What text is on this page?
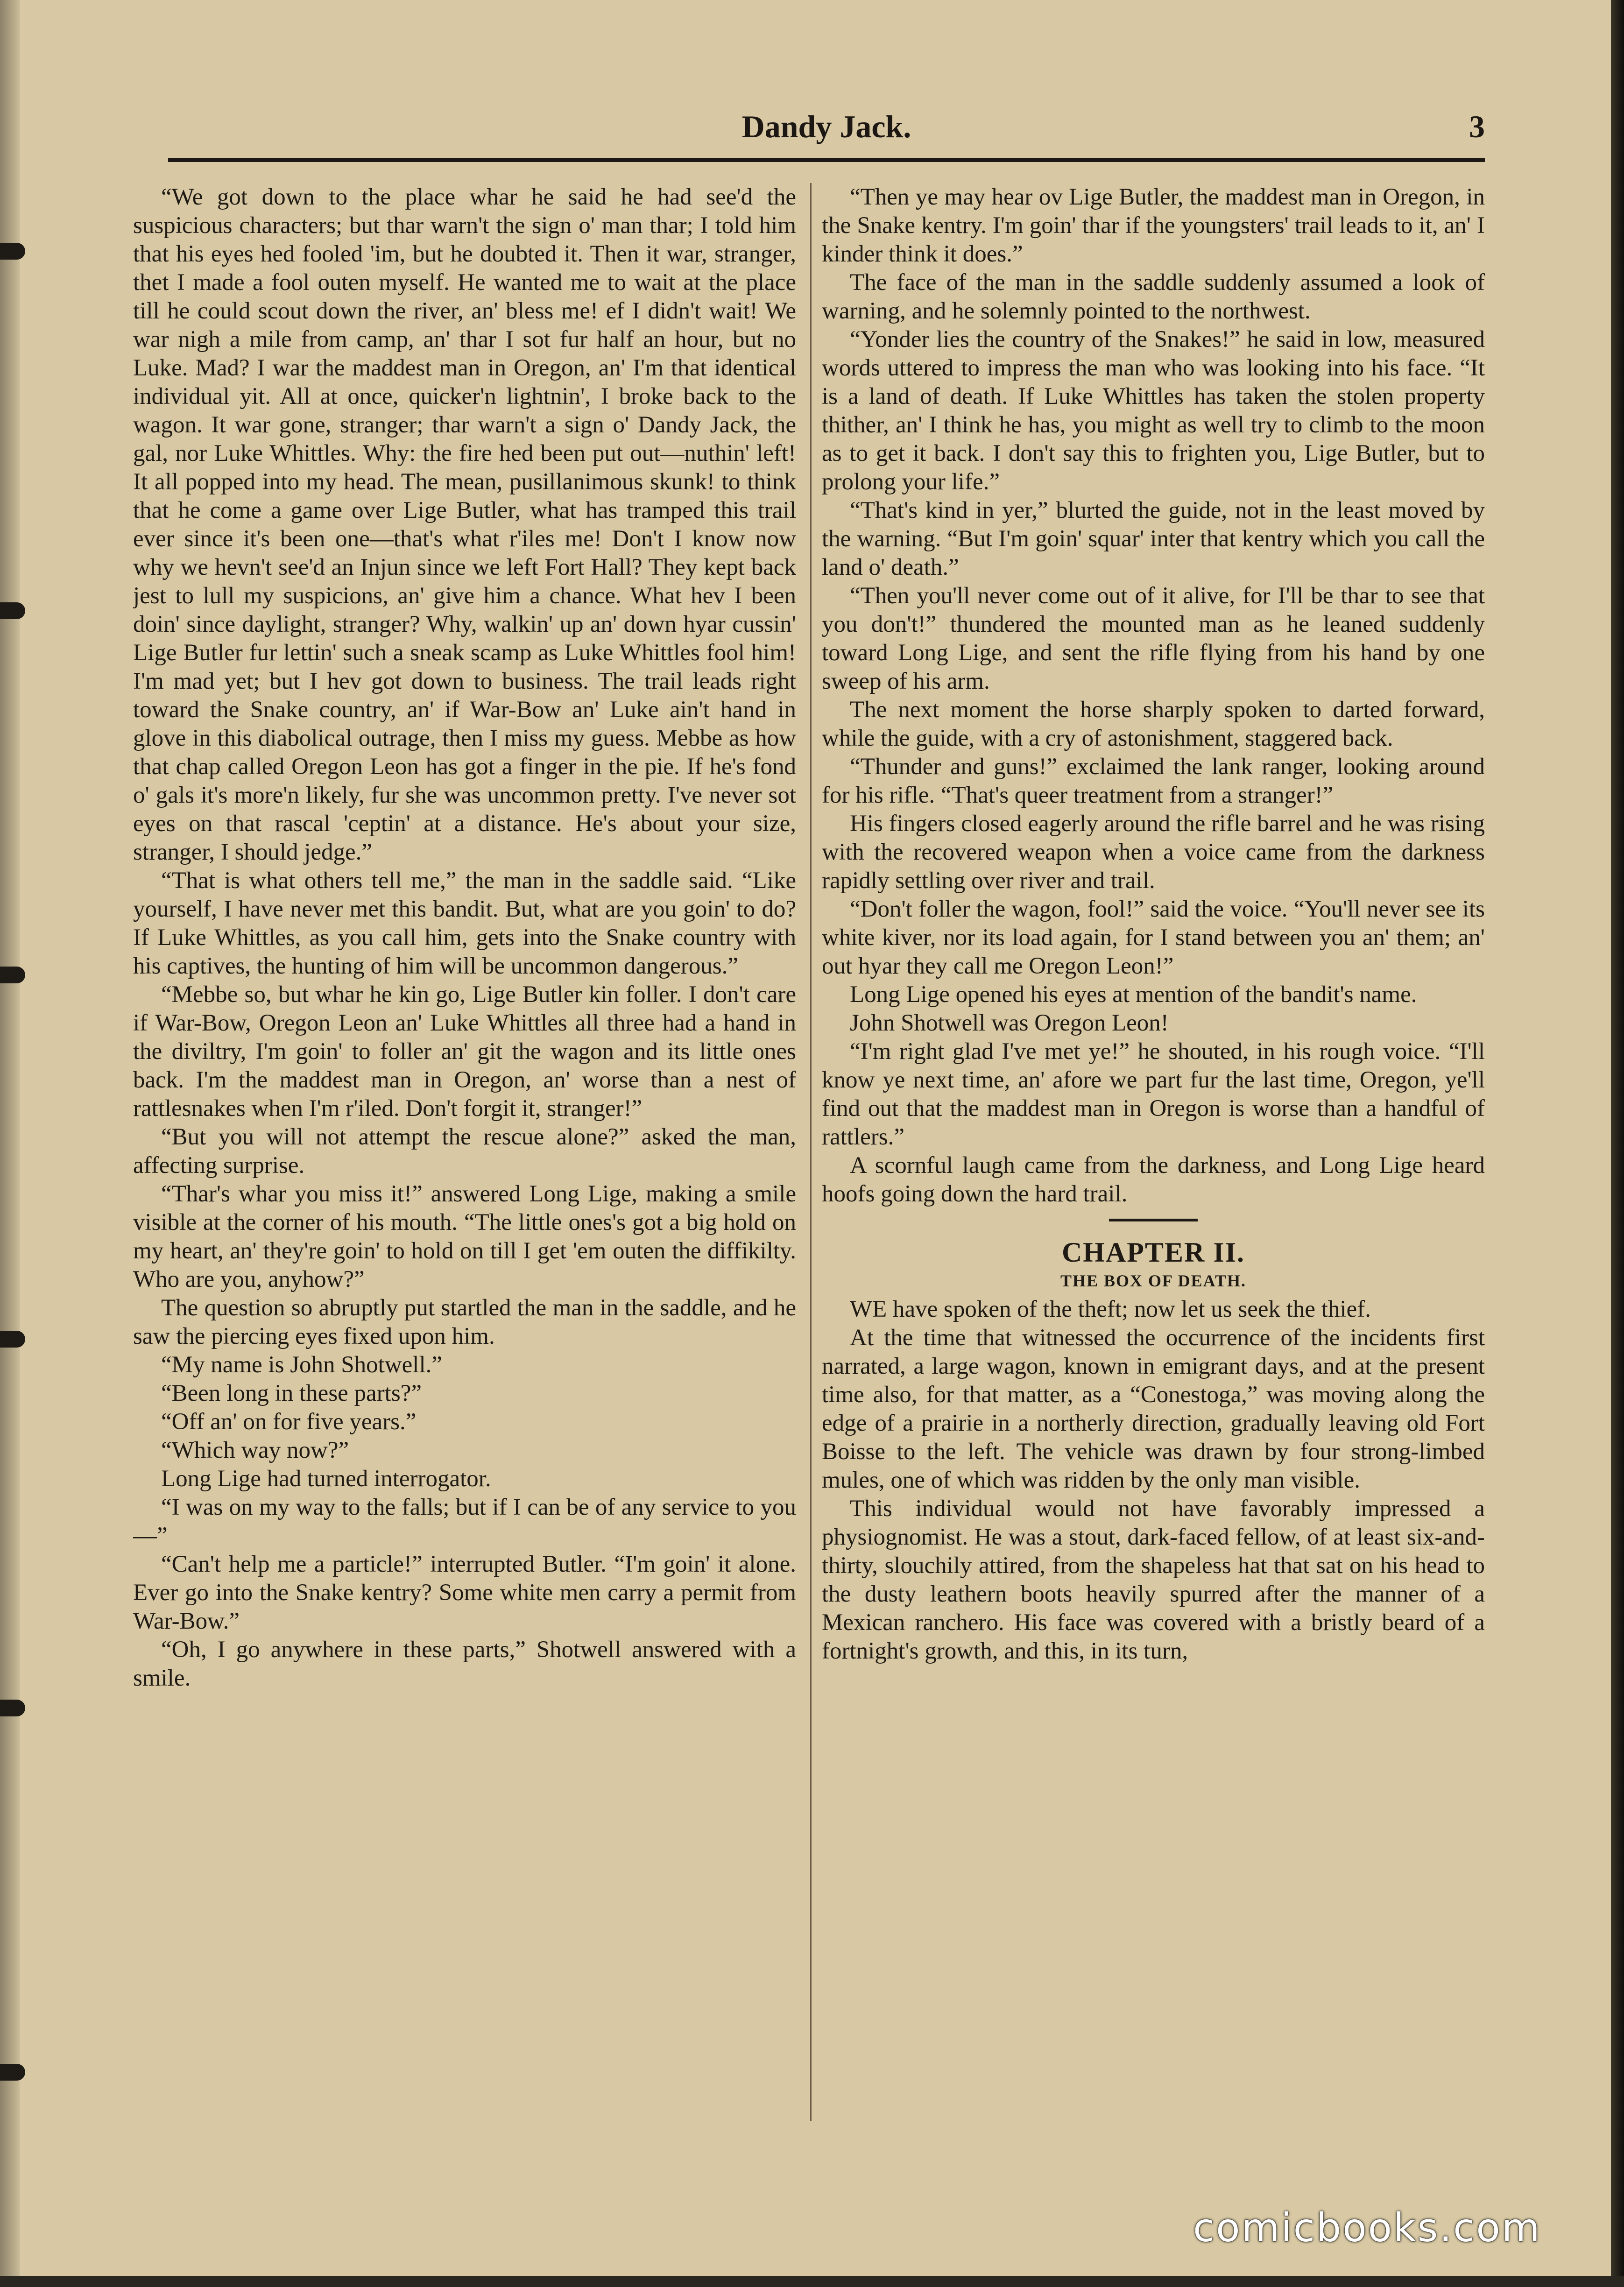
Dandy Jack.	3

“We got down to the place whar he said he had see'd the suspicious characters; but thar warn't the sign o' man thar; I told him that his eyes hed fooled 'im, but he doubted it. Then it war, stranger, thet I made a fool outen myself. He wanted me to wait at the place till he could scout down the river, an' bless me! ef I didn't wait! We war nigh a mile from camp, an' thar I sot fur half an hour, but no Luke. Mad? I war the maddest man in Oregon, an' I'm that identical individual yit. All at once, quicker'n lightnin', I broke back to the wagon. It war gone, stranger; thar warn't a sign o' Dandy Jack, the gal, nor Luke Whittles. Why: the fire hed been put out—nuthin' left! It all popped into my head. The mean, pusillanimous skunk! to think that he come a game over Lige Butler, what has tramped this trail ever since it's been one—that's what r'iles me! Don't I know now why we hevn't see'd an Injun since we left Fort Hall? They kept back jest to lull my suspicions, an' give him a chance. What hev I been doin' since daylight, stranger? Why, walkin' up an' down hyar cussin' Lige Butler fur lettin' such a sneak scamp as Luke Whittles fool him! I'm mad yet; but I hev got down to business. The trail leads right toward the Snake country, an' if War-Bow an' Luke ain't hand in glove in this diabolical outrage, then I miss my guess. Mebbe as how that chap called Oregon Leon has got a finger in the pie. If he's fond o' gals it's more'n likely, fur she was uncommon pretty. I've never sot eyes on that rascal 'ceptin' at a distance. He's about your size, stranger, I should jedge.”

“That is what others tell me,” the man in the saddle said. “Like yourself, I have never met this bandit. But, what are you goin' to do? If Luke Whittles, as you call him, gets into the Snake country with his captives, the hunting of him will be uncommon dangerous.”

“Mebbe so, but whar he kin go, Lige Butler kin foller. I don't care if War-Bow, Oregon Leon an' Luke Whittles all three had a hand in the diviltry, I'm goin' to foller an' git the wagon and its little ones back. I'm the maddest man in Oregon, an' worse than a nest of rattlesnakes when I'm r'iled. Don't forgit it, stranger!”

“But you will not attempt the rescue alone?” asked the man, affecting surprise.

“Thar's whar you miss it!” answered Long Lige, making a smile visible at the corner of his mouth. “The little ones's got a big hold on my heart, an' they're goin' to hold on till I get 'em outen the diffikilty. Who are you, anyhow?”

The question so abruptly put startled the man in the saddle, and he saw the piercing eyes fixed upon him.

“My name is John Shotwell.”

“Been long in these parts?”

“Off an' on for five years.”

“Which way now?”

Long Lige had turned interrogator.

“I was on my way to the falls; but if I can be of any service to you—”

“Can't help me a particle!” interrupted Butler. “I'm goin' it alone. Ever go into the Snake kentry? Some white men carry a permit from War-Bow.”

“Oh, I go anywhere in these parts,” Shotwell answered with a smile.

“Then ye may hear ov Lige Butler, the maddest man in Oregon, in the Snake kentry. I'm goin' thar if the youngsters' trail leads to it, an' I kinder think it does.”

The face of the man in the saddle suddenly assumed a look of warning, and he solemnly pointed to the northwest.

“Yonder lies the country of the Snakes!” he said in low, measured words uttered to impress the man who was looking into his face. “It is a land of death. If Luke Whittles has taken the stolen property thither, an' I think he has, you might as well try to climb to the moon as to get it back. I don't say this to frighten you, Lige Butler, but to prolong your life.”

“That's kind in yer,” blurted the guide, not in the least moved by the warning. “But I'm goin' squar' inter that kentry which you call the land o' death.”

“Then you'll never come out of it alive, for I'll be thar to see that you don't!” thundered the mounted man as he leaned suddenly toward Long Lige, and sent the rifle flying from his hand by one sweep of his arm.

The next moment the horse sharply spoken to darted forward, while the guide, with a cry of astonishment, staggered back.

“Thunder and guns!” exclaimed the lank ranger, looking around for his rifle. “That's queer treatment from a stranger!”

His fingers closed eagerly around the rifle barrel and he was rising with the recovered weapon when a voice came from the darkness rapidly settling over river and trail.

“Don't foller the wagon, fool!” said the voice. “You'll never see its white kiver, nor its load again, for I stand between you an' them; an' out hyar they call me Oregon Leon!”

Long Lige opened his eyes at mention of the bandit's name.

John Shotwell was Oregon Leon!

“I'm right glad I've met ye!” he shouted, in his rough voice. “I'll know ye next time, an' afore we part fur the last time, Oregon, ye'll find out that the maddest man in Oregon is worse than a handful of rattlers.”

A scornful laugh came from the darkness, and Long Lige heard hoofs going down the hard trail.

CHAPTER II.
THE BOX OF DEATH.

WE have spoken of the theft; now let us seek the thief.

At the time that witnessed the occurrence of the incidents first narrated, a large wagon, known in emigrant days, and at the present time also, for that matter, as a “Conestoga,” was moving along the edge of a prairie in a northerly direction, gradually leaving old Fort Boisse to the left. The vehicle was drawn by four strong-limbed mules, one of which was ridden by the only man visible.

This individual would not have favorably impressed a physiognomist. He was a stout, dark-faced fellow, of at least six-and-thirty, slouchily attired, from the shapeless hat that sat on his head to the dusty leathern boots heavily spurred after the manner of a Mexican ranchero. His face was covered with a bristly beard of a fortnight's growth, and this, in its turn,

comicbooks.com
